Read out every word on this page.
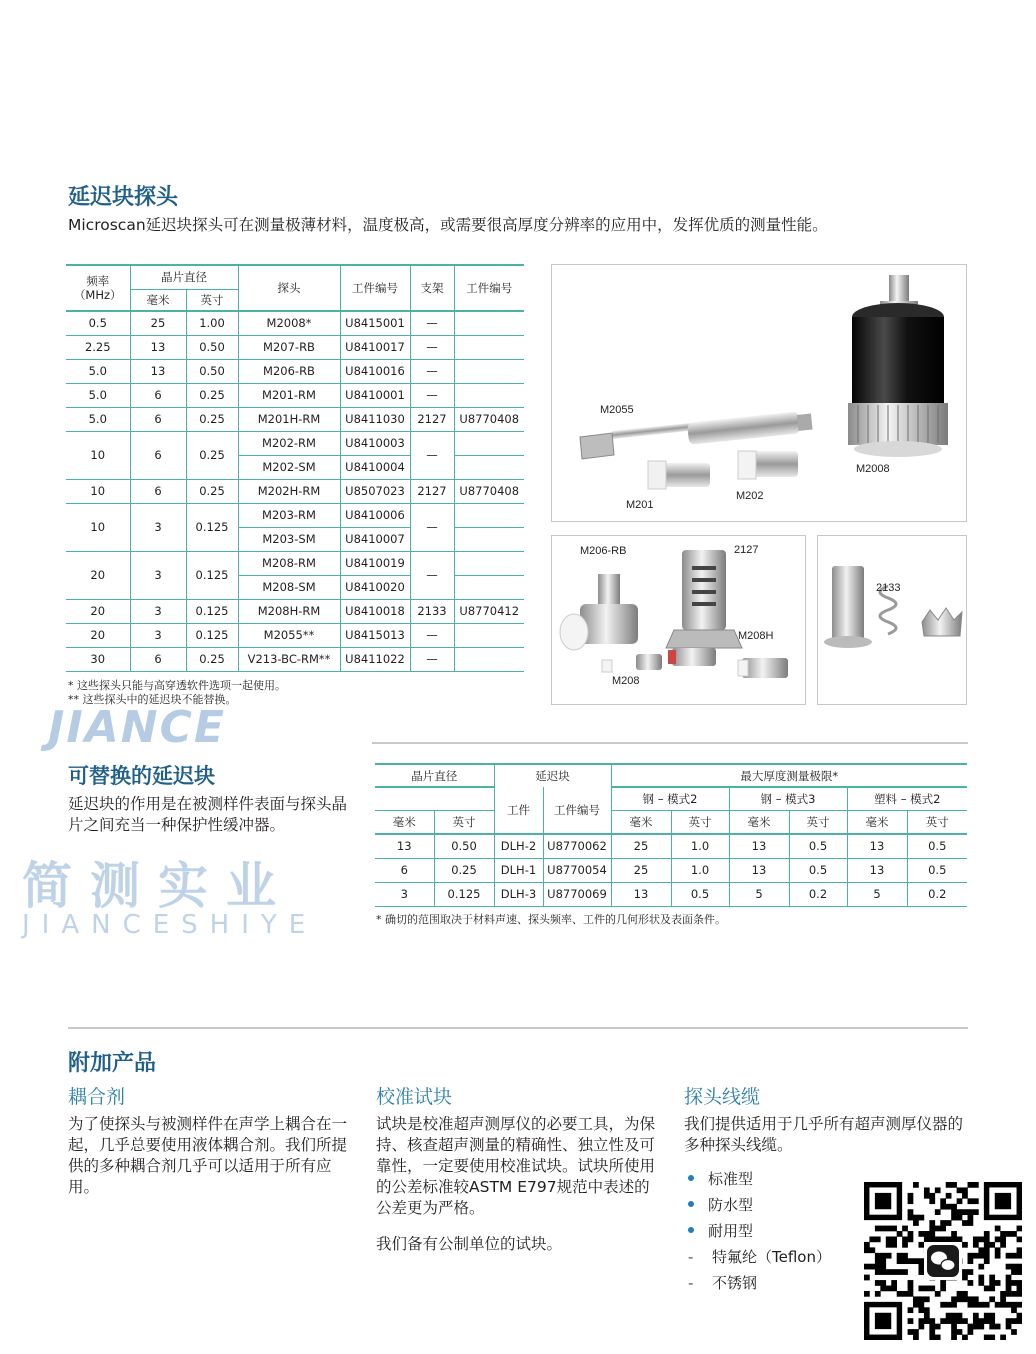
延迟块探头

Microscan延迟块探头可在测量极薄材料，温度极高，或需要很高厚度分辨率的应用中，发挥优质的测量性能。

频率
（MHz）	晶片直径		探头	工件编号	支架	工件编号
	毫米	英寸				
0.5	25	1.00	M2008*	U8415001	—	
2.25	13	0.50	M207-RB	U8410017	—	
5.0	13	0.50	M206-RB	U8410016	—	
5.0	6	0.25	M201-RM	U8410001	—	
5.0	6	0.25	M201H-RM	U8411030	2127	U8770408
10	6	0.25	M202-RM	U8410003	—	
			M202-SM	U8410004		
10	6	0.25	M202H-RM	U8507023	2127	U8770408
10	3	0.125	M203-RM	U8410006	—	
			M203-SM	U8410007		
20	3	0.125	M208-RM	U8410019	—	
			M208-SM	U8410020		
20	3	0.125	M208H-RM	U8410018	2133	U8770412
20	3	0.125	M2055**	U8415013	—	
30	6	0.25	V213-BC-RM**	U8411022	—	
* 这些探头只能与高穿透软件选项一起使用。
** 这些探头中的延迟块不能替换。
M2055
M2008
M201
M202
M206-RB	2127
M208H
M208
2133
JIANCE
简测实业
JIANCESHIYE
可替换的延迟块

延迟块的作用是在被测样件表面与探头晶片之间充当一种保护性缓冲器。

晶片直径		延迟块		最大厚度测量极限*					
		工件	工件编号	钢 – 模式2		钢 – 模式3		塑料 – 模式2	
毫米	英寸			毫米	英寸	毫米	英寸	毫米	英寸
13	0.50	DLH-2	U8770062	25	1.0	13	0.5	13	0.5
6	0.25	DLH-1	U8770054	25	1.0	13	0.5	13	0.5
3	0.125	DLH-3	U8770069	13	0.5	5	0.2	5	0.2
* 确切的范围取决于材料声速、探头频率、工件的几何形状及表面条件。
附加产品
耦合剂

为了使探头与被测样件在声学上耦合在一起，几乎总要使用液体耦合剂。我们所提供的多种耦合剂几乎可以适用于所有应用。

校准试块

试块是校准超声测厚仪的必要工具，为保持、核查超声测量的精确性、独立性及可靠性，一定要使用校准试块。试块所使用的公差标准较ASTM E797规范中表述的公差更为严格。

我们备有公制单位的试块。

探头线缆

我们提供适用于几乎所有超声测厚仪器的多种探头线缆。

标准型
防水型
耐用型
- 特氟纶（Teflon）
- 不锈钢
